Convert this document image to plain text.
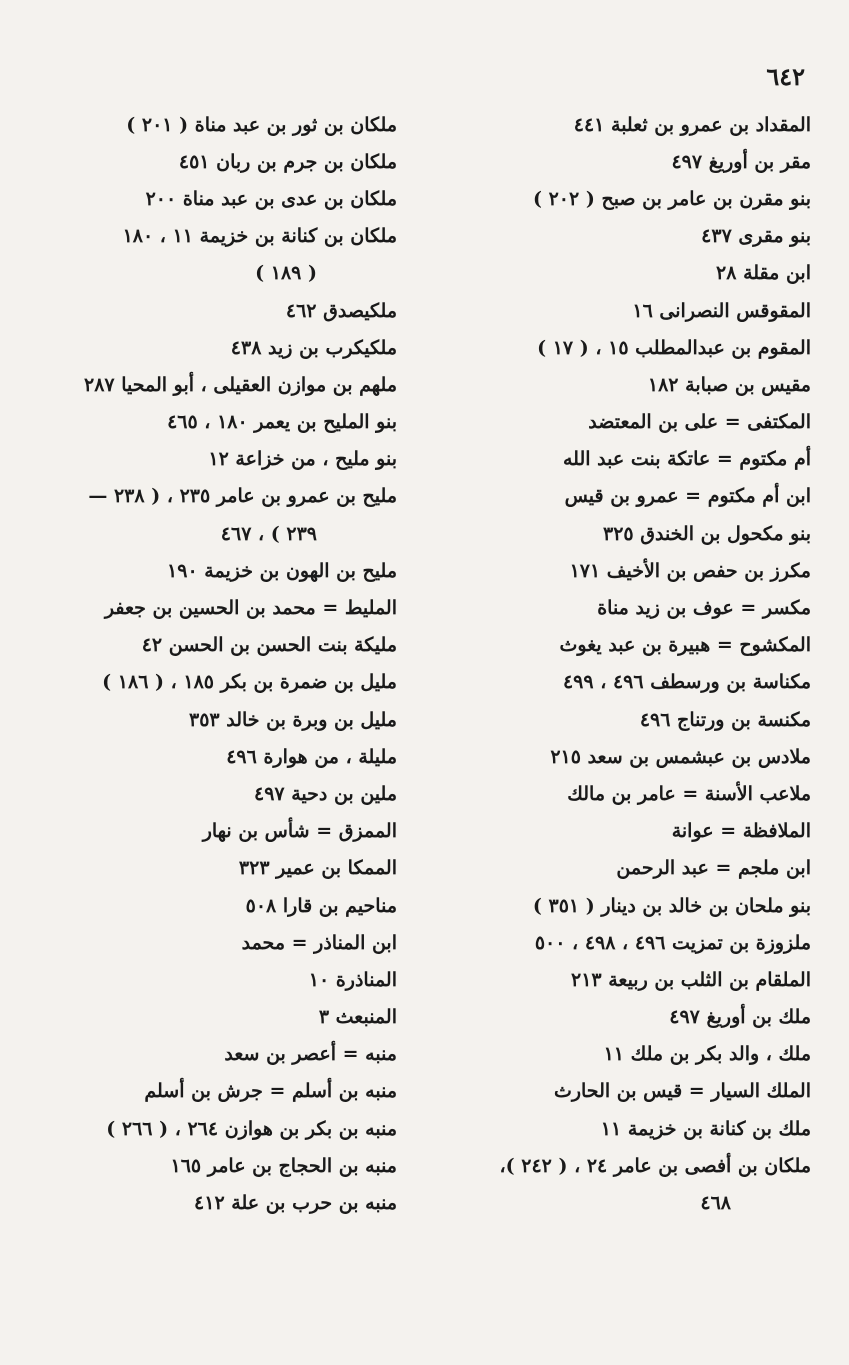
٦٤٢
المقداد بن عمرو بن ثعلبة ٤٤١
مقر بن أوريغ ٤٩٧
بنو مقرن بن عامر بن صبح ( ٢٠٢ )
بنو مقرى ٤٣٧
ابن مقلة ٢٨
المقوقس النصرانى ١٦
المقوم بن عبدالمطلب ١٥ ، ( ١٧ )
مقيس بن صبابة ١٨٢
المكتفى = على بن المعتضد
أم مكتوم = عاتكة بنت عبد الله
ابن أم مكتوم = عمرو بن قيس
بنو مكحول بن الخندق ٣٢٥
مكرز بن حفص بن الأخيف ١٧١
مكسر = عوف بن زيد مناة
المكشوح = هبيرة بن عبد يغوث
مكناسة بن ورسطف ٤٩٦ ، ٤٩٩
مكنسة بن ورتناج ٤٩٦
ملادس بن عبشمس بن سعد ٢١٥
ملاعب الأسنة = عامر بن مالك
الملافظة = عوانة
ابن ملجم = عبد الرحمن
بنو ملحان بن خالد بن دينار ( ٣٥١ )
ملزوزة بن تمزيت ٤٩٦ ، ٤٩٨ ، ٥٠٠
الملقام بن الثلب بن ربيعة ٢١٣
ملك بن أوريغ ٤٩٧
ملك ، والد بكر بن ملك ١١
الملك السيار = قيس بن الحارث
ملك بن كنانة بن خزيمة ١١
ملكان بن أفصى بن عامر ٢٤ ، ( ٢٤٢ )،
٤٦٨
ملكان بن ثور بن عبد مناة ( ٢٠١ )
ملكان بن جرم بن ربان ٤٥١
ملكان بن عدى بن عبد مناة ٢٠٠
ملكان بن كنانة بن خزيمة ١١ ، ١٨٠
( ١٨٩ )
ملكيصدق ٤٦٢
ملكيكرب بن زيد ٤٣٨
ملهم بن موازن العقيلى ، أبو المحيا ٢٨٧
بنو المليح بن يعمر ١٨٠ ، ٤٦٥
بنو مليح ، من خزاعة ١٢
مليح بن عمرو بن عامر ٢٣٥ ، ( ٢٣٨ —
٢٣٩ ) ، ٤٦٧
مليح بن الهون بن خزيمة ١٩٠
المليط = محمد بن الحسين بن جعفر
مليكة بنت الحسن بن الحسن ٤٢
مليل بن ضمرة بن بكر ١٨٥ ، ( ١٨٦ )
مليل بن وبرة بن خالد ٣٥٣
مليلة ، من هوارة ٤٩٦
ملين بن دحية ٤٩٧
الممزق = شأس بن نهار
الممكا بن عمير ٣٢٣
مناحيم بن قارا ٥٠٨
ابن المناذر = محمد
المناذرة ١٠
المنبعث ٣
منبه = أعصر بن سعد
منبه بن أسلم = جرش بن أسلم
منبه بن بكر بن هوازن ٢٦٤ ، ( ٢٦٦ )
منبه بن الحجاج بن عامر ١٦٥
منبه بن حرب بن علة ٤١٢
